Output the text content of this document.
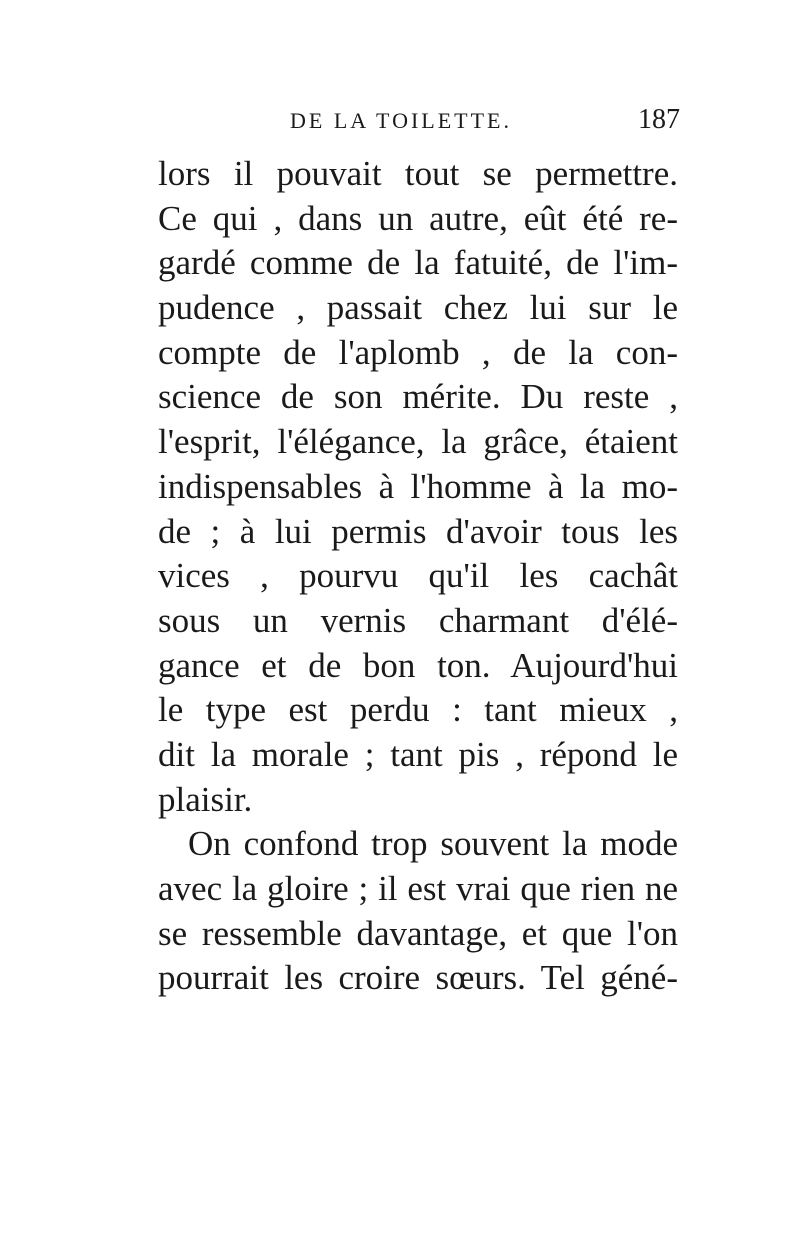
DE LA TOILETTE.	187
lors il pouvait tout se permettre.
Ce qui , dans un autre, eût été re-
gardé comme de la fatuité, de l'im-
pudence , passait chez lui sur le
compte de l'aplomb , de la con-
science de son mérite. Du reste ,
l'esprit, l'élégance, la grâce, étaient
indispensables à l'homme à la mo-
de ; à lui permis d'avoir tous les
vices , pourvu qu'il les cachât
sous un vernis charmant d'élé-
gance et de bon ton. Aujourd'hui
le type est perdu : tant mieux ,
dit la morale ; tant pis , répond le
plaisir.
On confond trop souvent la mode
avec la gloire ; il est vrai que rien ne
se ressemble davantage, et que l'on
pourrait les croire sœurs. Tel géné-
